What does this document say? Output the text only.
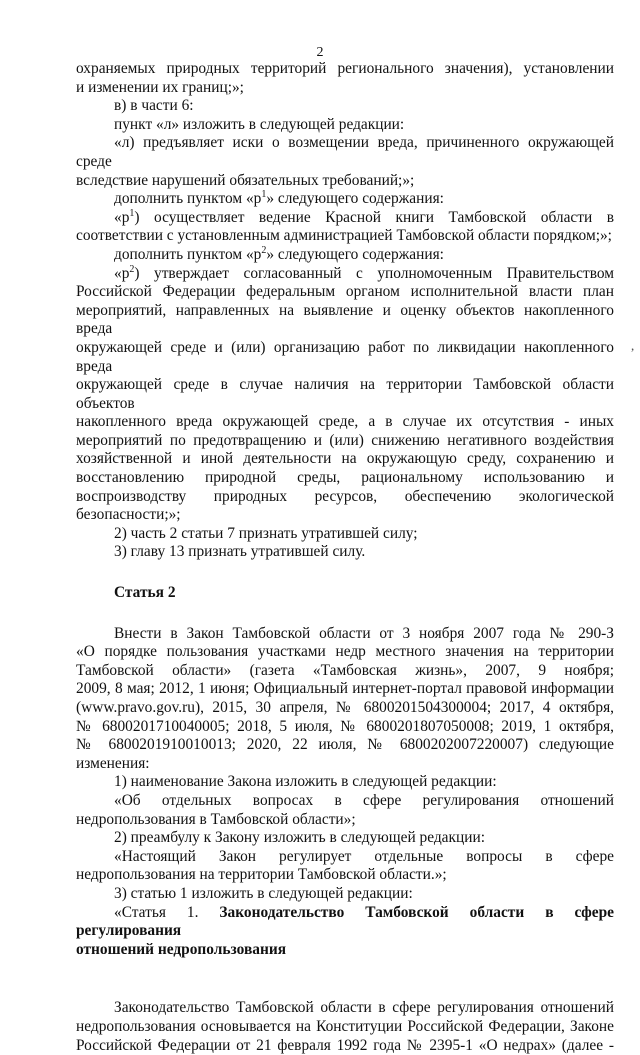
2
,

охраняемых природных территорий регионального значения), установлении

и изменении их границ;»;

в) в части 6:

пункт «л» изложить в следующей редакции:

«л) предъявляет иски о возмещении вреда, причиненного окружающей среде

вследствие нарушений обязательных требований;»;

дополнить пунктом «$р^1$» следующего содержания:

«$р^1$) осуществляет ведение Красной книги Тамбовской области в

соответствии с установленным администрацией Тамбовской области порядком;»;

дополнить пунктом «$р^2$» следующего содержания:

«$р^2$) утверждает согласованный с уполномоченным Правительством

Российской Федерации федеральным органом исполнительной власти план

мероприятий, направленных на выявление и оценку объектов накопленного вреда

окружающей среде и (или) организацию работ по ликвидации накопленного вреда

окружающей среде в случае наличия на территории Тамбовской области объектов

накопленного вреда окружающей среде, а в случае их отсутствия - иных

мероприятий по предотвращению и (или) снижению негативного воздействия

хозяйственной и иной деятельности на окружающую среду, сохранению и

восстановлению природной среды, рациональному использованию и

воспроизводству природных ресурсов, обеспечению экологической

безопасности;»;

2) часть 2 статьи 7 признать утратившей силу;

3) главу 13 признать утратившей силу.

Статья 2

Внести в Закон Тамбовской области от 3 ноября 2007 года № 290-З

«О порядке пользования участками недр местного значения на территории

Тамбовской области» (газета «Тамбовская жизнь», 2007, 9 ноября;

2009, 8 мая; 2012, 1 июня; Официальный интернет-портал правовой информации

(www.pravo.gov.ru), 2015, 30 апреля, № 6800201504300004; 2017, 4 октября,

№ 6800201710040005; 2018, 5 июля, № 6800201807050008; 2019, 1 октября,

№ 6800201910010013; 2020, 22 июля, № 6800202007220007) следующие изменения:

1) наименование Закона изложить в следующей редакции:

«Об отдельных вопросах в сфере регулирования отношений

недропользования в Тамбовской области»;

2) преамбулу к Закону изложить в следующей редакции:

«Настоящий Закон регулирует отдельные вопросы в сфере

недропользования на территории Тамбовской области.»;

3) статью 1 изложить в следующей редакции:

«Статья 1. Законодательство Тамбовской области в сфере регулирования

отношений недропользования

Законодательство Тамбовской области в сфере регулирования отношений

недропользования основывается на Конституции Российской Федерации, Законе

Российской Федерации от 21 февраля 1992 года № 2395-1 «О недрах» (далее -
